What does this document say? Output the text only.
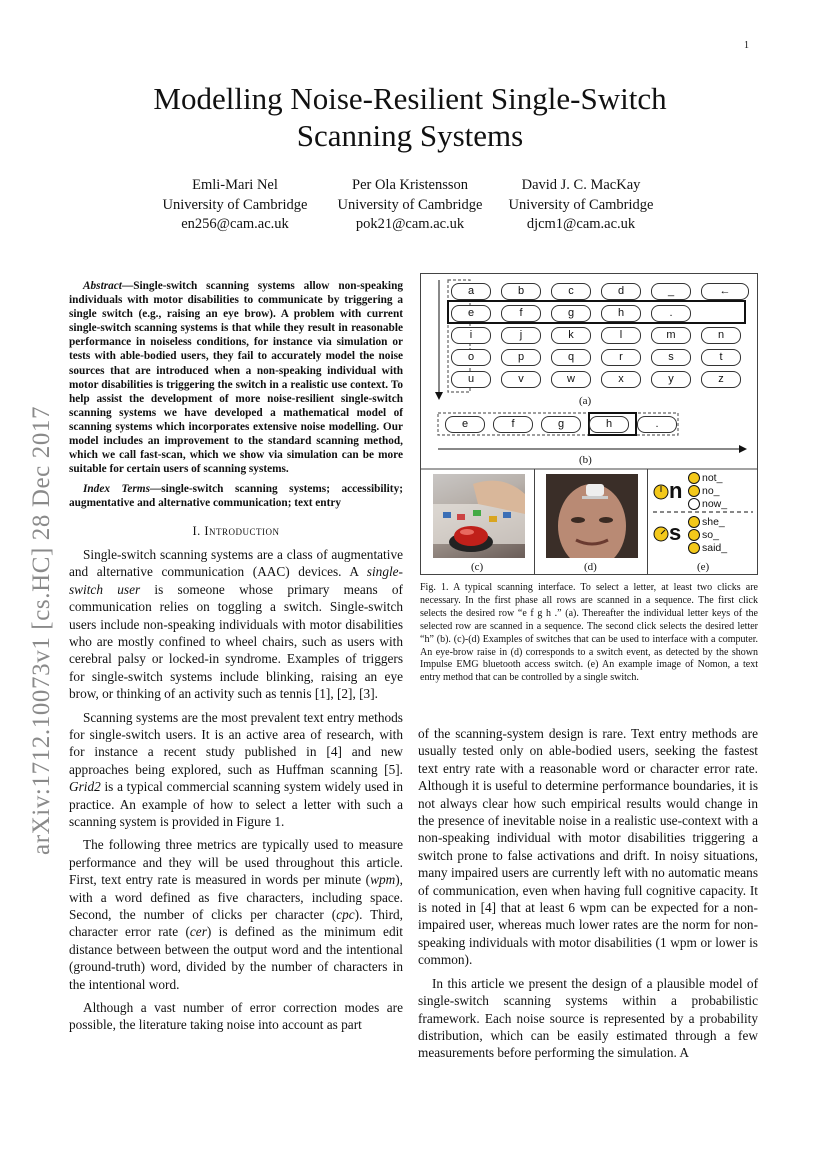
1
arXiv:1712.10073v1 [cs.HC] 28 Dec 2017
Modelling Noise-Resilient Single-Switch
Scanning Systems
Emli-Mari Nel
University of Cambridge
en256@cam.ac.uk
Per Ola Kristensson
University of Cambridge
pok21@cam.ac.uk
David J. C. MacKay
University of Cambridge
djcm1@cam.ac.uk

Abstract—Single-switch scanning systems allow non-speaking individuals with motor disabilities to communicate by triggering a single switch (e.g., raising an eye brow). A problem with current single-switch scanning systems is that while they result in reasonable performance in noiseless conditions, for instance via simulation or tests with able-bodied users, they fail to accurately model the noise sources that are introduced when a non-speaking individual with motor disabilities is triggering the switch in a realistic use context. To help assist the development of more noise-resilient single-switch scanning systems we have developed a mathematical model of scanning systems which incorporates extensive noise modelling. Our model includes an improvement to the standard scanning method, which we call fast-scan, which we show via simulation can be more suitable for certain users of scanning systems.

Index Terms—single-switch scanning systems; accessibility; augmentative and alternative communication; text entry

I. Introduction

Single-switch scanning systems are a class of augmentative and alternative communication (AAC) devices. A single-switch user is someone whose primary means of communication relies on toggling a switch. Single-switch users include non-speaking individuals with motor disabilities who are mostly confined to wheel chairs, such as users with cerebral palsy or locked-in syndrome. Examples of triggers for single-switch systems include blinking, raising an eye brow, or thinking of an activity such as tennis [1], [2], [3].

Scanning systems are the most prevalent text entry methods for single-switch users. It is an active area of research, with for instance a recent study published in [4] and new approaches being explored, such as Huffman scanning [5]. Grid2 is a typical commercial scanning system widely used in practice. An example of how to select a letter with such a scanning system is provided in Figure 1.

The following three metrics are typically used to measure performance and they will be used throughout this article. First, text entry rate is measured in words per minute (wpm), with a word defined as five characters, including space. Second, the number of clicks per character (cpc). Third, character error rate (cer) is defined as the minimum edit distance between between the output word and the intentional (ground-truth) word, divided by the number of characters in the intentional word.

Although a vast number of error correction modes are possible, the literature taking noise into account as part

a	b	c	d	_	←
e	f	g	h	.
i	j	k	l	m	n
o	p	q	r	s	t
u	v	w	x	y	z
e	f	g	h	.
(a)
(b)
n
s
not_
no_
now_
she_
so_
said_
(c)	(d)	(e)
Fig. 1. A typical scanning interface. To select a letter, at least two clicks are necessary. In the first phase all rows are scanned in a sequence. The first click selects the desired row “e f g h .” (a). Thereafter the individual letter keys of the selected row are scanned in a sequence. The second click selects the desired letter “h” (b). (c)-(d) Examples of switches that can be used to interface with a computer. An eye-brow raise in (d) corresponds to a switch event, as detected by the shown Impulse EMG bluetooth access switch. (e) An example image of Nomon, a text entry method that can be controlled by a single switch.

of the scanning-system design is rare. Text entry methods are usually tested only on able-bodied users, seeking the fastest text entry rate with a reasonable word or character error rate. Although it is useful to determine performance boundaries, it is not always clear how such empirical results would change in the presence of inevitable noise in a realistic use-context with a non-speaking individual with motor disabilities triggering a switch prone to false activations and drift. In noisy situations, many impaired users are currently left with no automatic means of communication, even when having full cognitive capacity. It is noted in [4] that at least 6 wpm can be expected for a non-impaired user, whereas much lower rates are the norm for non-speaking individuals with motor disabilities (1 wpm or lower is common).

In this article we present the design of a plausible model of single-switch scanning systems within a probabilistic framework. Each noise source is represented by a probability distribution, which can be easily estimated through a few measurements before performing the simulation. A
